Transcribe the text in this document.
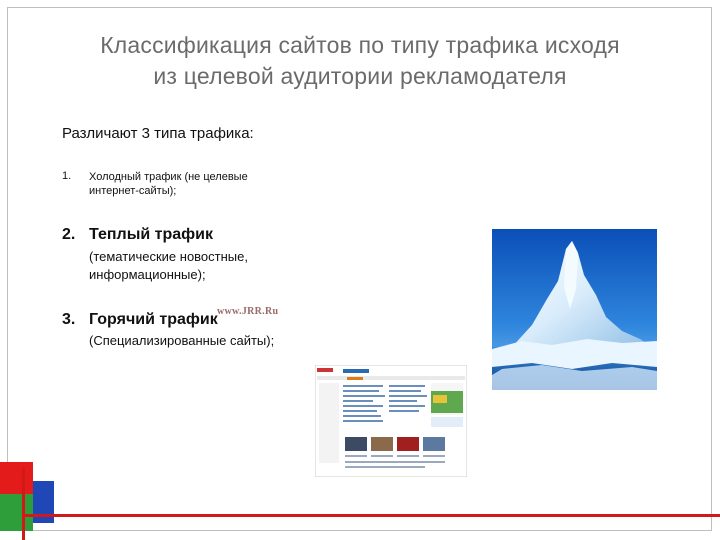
Классификация сайтов по типу трафика исходя
из целевой аудитории рекламодателя
Различают 3 типа трафика:
1. Холодный трафик (не целевые интернет-сайты);
2. Теплый трафик
(тематические новостные, информационные);
3. Горячий трафик www.JRR.Ru
(Специализированные сайты);
